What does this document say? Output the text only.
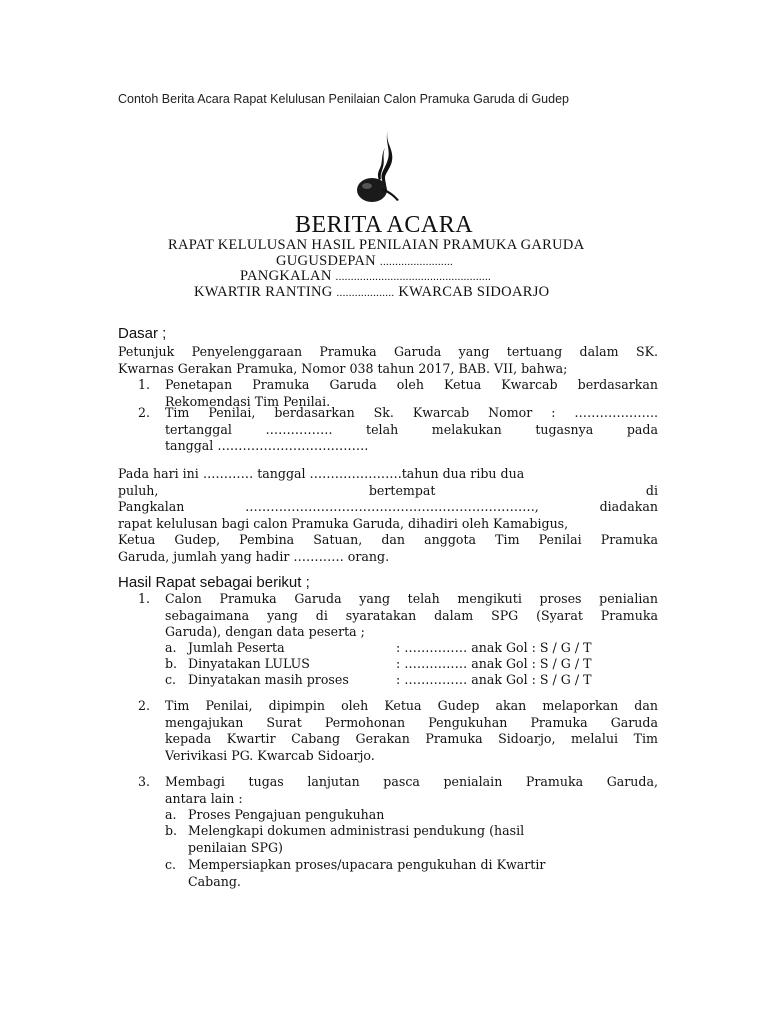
Contoh Berita Acara Rapat Kelulusan Penilaian Calon Pramuka Garuda di Gudep
BERITA ACARA
RAPAT KELULUSAN HASIL PENILAIAN PRAMUKA GARUDA
GUGUSDEPAN ........................
PANGKALAN ...................................................
KWARTIR RANTING ................... KWARCAB SIDOARJO
Dasar ;
Petunjuk Penyelenggaraan Pramuka Garuda yang tertuang dalam SK.
Kwarnas Gerakan Pramuka, Nomor 038 tahun 2017, BAB. VII, bahwa;
1. Penetapan Pramuka Garuda oleh Ketua Kwarcab berdasarkan
Rekomendasi Tim Penilai.
2. Tim Penilai, berdasarkan Sk. Kwarcab Nomor : ………………..
tertanggal ……………. telah melakukan tugasnya pada
tanggal ………………………………
Pada hari ini ………… tanggal ………………….tahun dua ribu dua
puluh, bertempat di
Pangkalan ……………………………………………………………, diadakan
rapat kelulusan bagi calon Pramuka Garuda, dihadiri oleh Kamabigus,
Ketua Gudep, Pembina Satuan, dan anggota Tim Penilai Pramuka
Garuda, jumlah yang hadir ………… orang.
Hasil Rapat sebagai berikut ;
1. Calon Pramuka Garuda yang telah mengikuti proses penialian
sebagaimana yang di syaratakan dalam SPG (Syarat Pramuka
Garuda), dengan data peserta ;
a. Jumlah Peserta	: …………… anak Gol : S / G / T
b. Dinyatakan LULUS	: …………… anak Gol : S / G / T
c. Dinyatakan masih proses	: …………… anak Gol : S / G / T
2. Tim Penilai, dipimpin oleh Ketua Gudep akan melaporkan dan
mengajukan Surat Permohonan Pengukuhan Pramuka Garuda
kepada Kwartir Cabang Gerakan Pramuka Sidoarjo, melalui Tim
Verivikasi PG. Kwarcab Sidoarjo.
3. Membagi tugas lanjutan pasca penialain Pramuka Garuda,
antara lain :
a. Proses Pengajuan pengukuhan
b. Melengkapi dokumen administrasi pendukung (hasil
penilaian SPG)
c. Mempersiapkan proses/upacara pengukuhan di Kwartir
Cabang.
